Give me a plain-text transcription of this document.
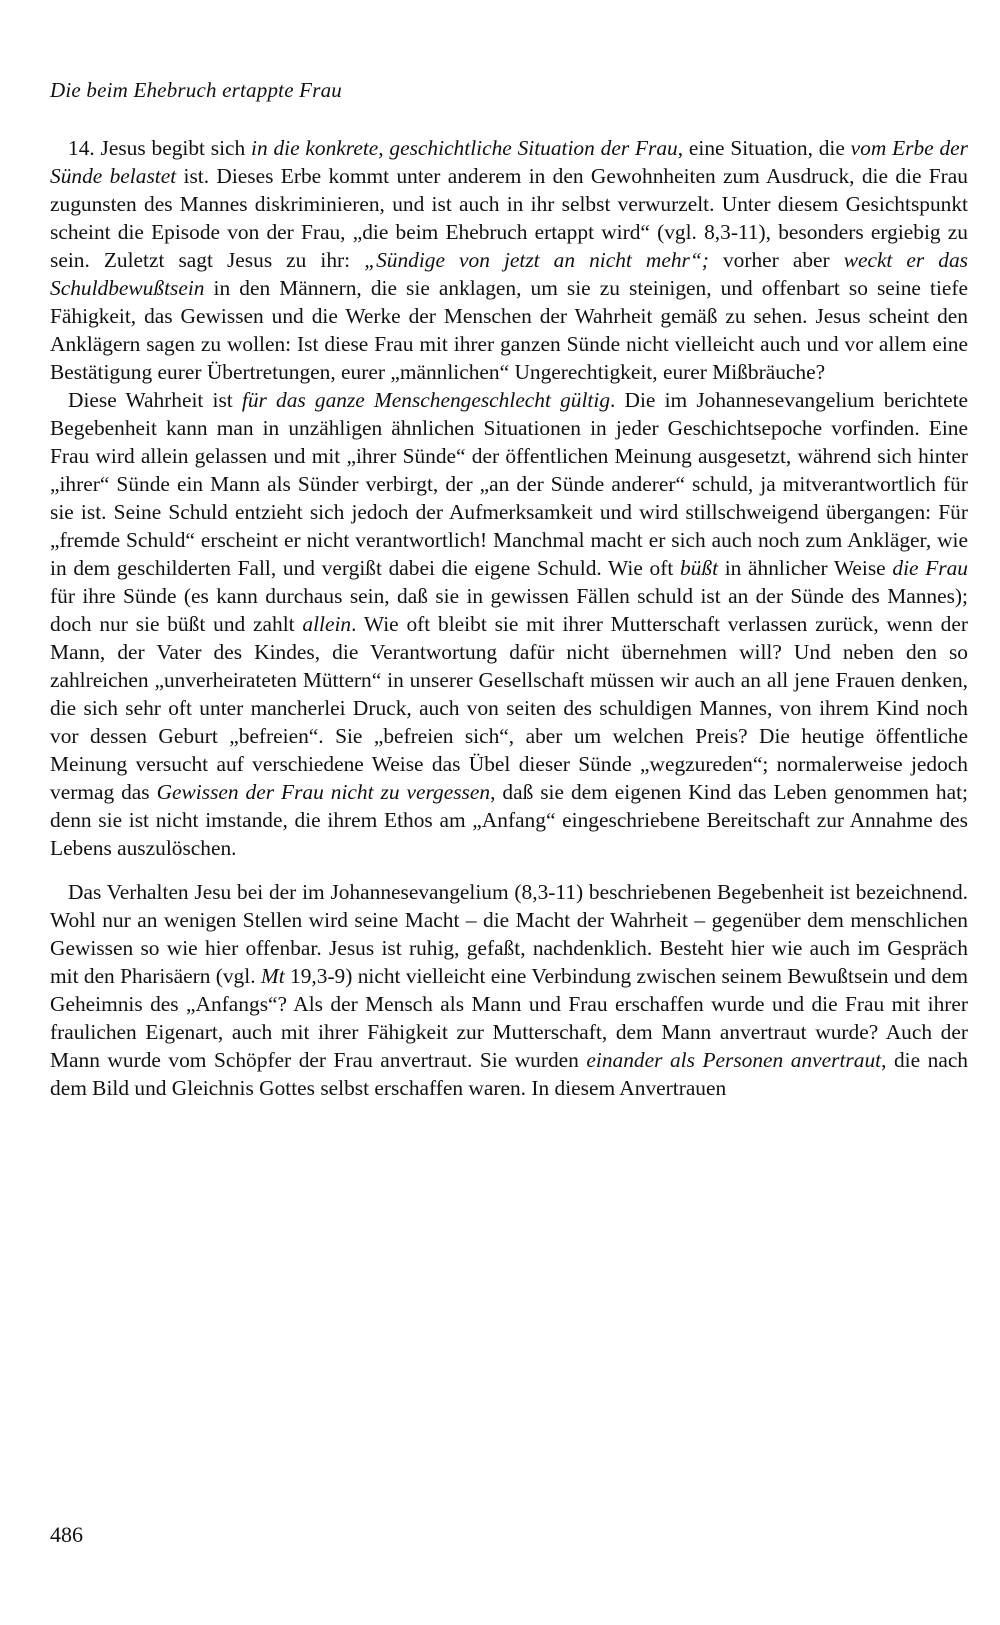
Die beim Ehebruch ertappte Frau

14. Jesus begibt sich in die konkrete, geschichtliche Situation der Frau, eine Situation, die vom Erbe der Sünde belastet ist. Dieses Erbe kommt unter anderem in den Gewohnheiten zum Ausdruck, die die Frau zugunsten des Mannes diskriminieren, und ist auch in ihr selbst verwurzelt. Unter diesem Gesichtspunkt scheint die Episode von der Frau, „die beim Ehebruch ertappt wird“ (vgl. 8,3-11), besonders ergiebig zu sein. Zuletzt sagt Jesus zu ihr: „Sündige von jetzt an nicht mehr“; vorher aber weckt er das Schuldbewußtsein in den Männern, die sie anklagen, um sie zu steinigen, und offenbart so seine tiefe Fähigkeit, das Gewissen und die Werke der Menschen der Wahrheit gemäß zu sehen. Jesus scheint den Anklägern sagen zu wollen: Ist diese Frau mit ihrer ganzen Sünde nicht vielleicht auch und vor allem eine Bestätigung eurer Übertretungen, eurer „männlichen“ Ungerechtigkeit, eurer Mißbräuche?

Diese Wahrheit ist für das ganze Menschengeschlecht gültig. Die im Johannesevangelium berichtete Begebenheit kann man in unzähligen ähnlichen Situationen in jeder Geschichtsepoche vorfinden. Eine Frau wird allein gelassen und mit „ihrer Sünde“ der öffentlichen Meinung ausgesetzt, während sich hinter „ihrer“ Sünde ein Mann als Sünder verbirgt, der „an der Sünde anderer“ schuld, ja mitverantwortlich für sie ist. Seine Schuld entzieht sich jedoch der Aufmerksamkeit und wird stillschweigend übergangen: Für „fremde Schuld“ erscheint er nicht verantwortlich! Manchmal macht er sich auch noch zum Ankläger, wie in dem geschilderten Fall, und vergißt dabei die eigene Schuld. Wie oft büßt in ähnlicher Weise die Frau für ihre Sünde (es kann durchaus sein, daß sie in gewissen Fällen schuld ist an der Sünde des Mannes); doch nur sie büßt und zahlt allein. Wie oft bleibt sie mit ihrer Mutterschaft verlassen zurück, wenn der Mann, der Vater des Kindes, die Verantwortung dafür nicht übernehmen will? Und neben den so zahlreichen „unverheirateten Müttern“ in unserer Gesellschaft müssen wir auch an all jene Frauen denken, die sich sehr oft unter mancherlei Druck, auch von seiten des schuldigen Mannes, von ihrem Kind noch vor dessen Geburt „befreien“. Sie „befreien sich“, aber um welchen Preis? Die heutige öffentliche Meinung versucht auf verschiedene Weise das Übel dieser Sünde „wegzureden“; normalerweise jedoch vermag das Gewissen der Frau nicht zu vergessen, daß sie dem eigenen Kind das Leben genommen hat; denn sie ist nicht imstande, die ihrem Ethos am „Anfang“ eingeschriebene Bereitschaft zur Annahme des Lebens auszulöschen.

Das Verhalten Jesu bei der im Johannesevangelium (8,3-11) beschriebenen Begebenheit ist bezeichnend. Wohl nur an wenigen Stellen wird seine Macht – die Macht der Wahrheit – gegenüber dem menschlichen Gewissen so wie hier offenbar. Jesus ist ruhig, gefaßt, nachdenklich. Besteht hier wie auch im Gespräch mit den Pharisäern (vgl. Mt 19,3-9) nicht vielleicht eine Verbindung zwischen seinem Bewußtsein und dem Geheimnis des „Anfangs“? Als der Mensch als Mann und Frau erschaffen wurde und die Frau mit ihrer fraulichen Eigenart, auch mit ihrer Fähigkeit zur Mutterschaft, dem Mann anvertraut wurde? Auch der Mann wurde vom Schöpfer der Frau anvertraut. Sie wurden einander als Personen anvertraut, die nach dem Bild und Gleichnis Gottes selbst erschaffen waren. In diesem Anvertrauen

486
